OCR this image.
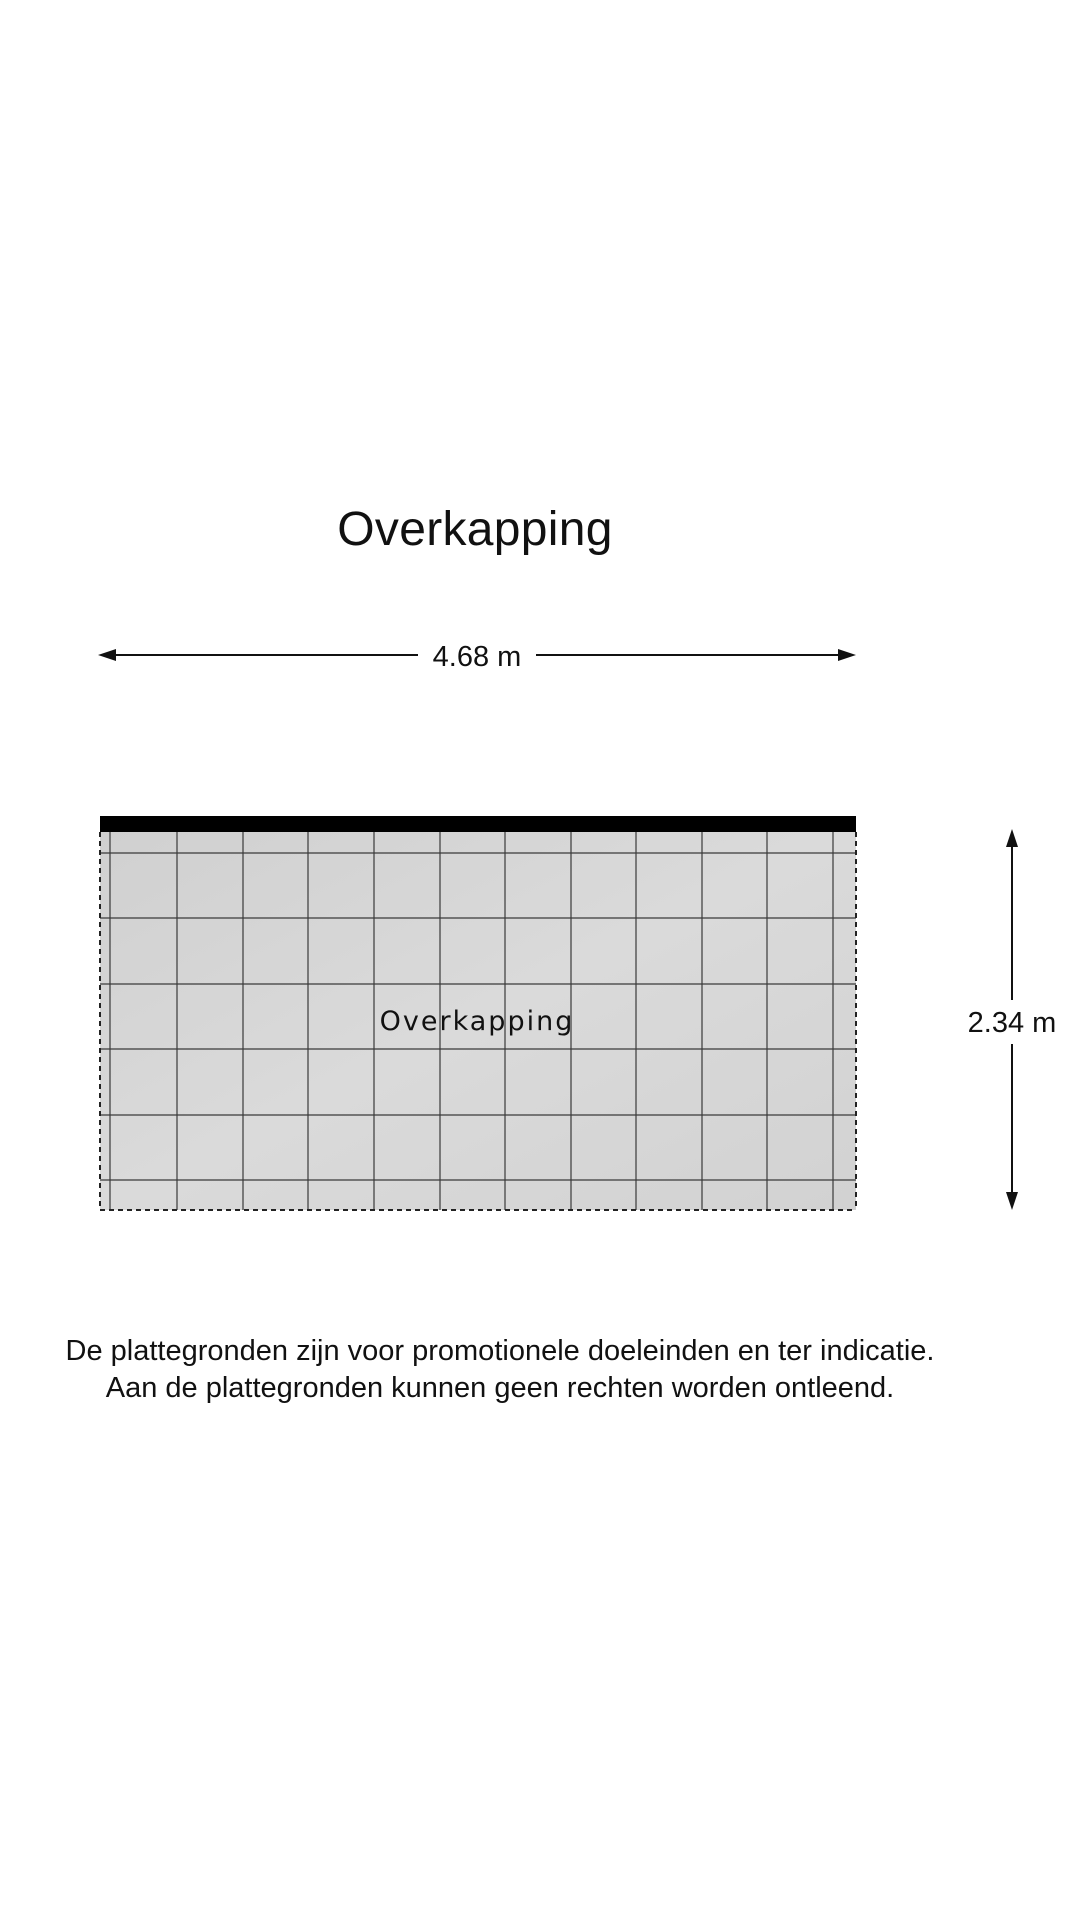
Overkapping
4.68 m
Overkapping	2.34 m
De plattegronden zijn voor promotionele doeleinden en ter indicatie.
Aan de plattegronden kunnen geen rechten worden ontleend.
